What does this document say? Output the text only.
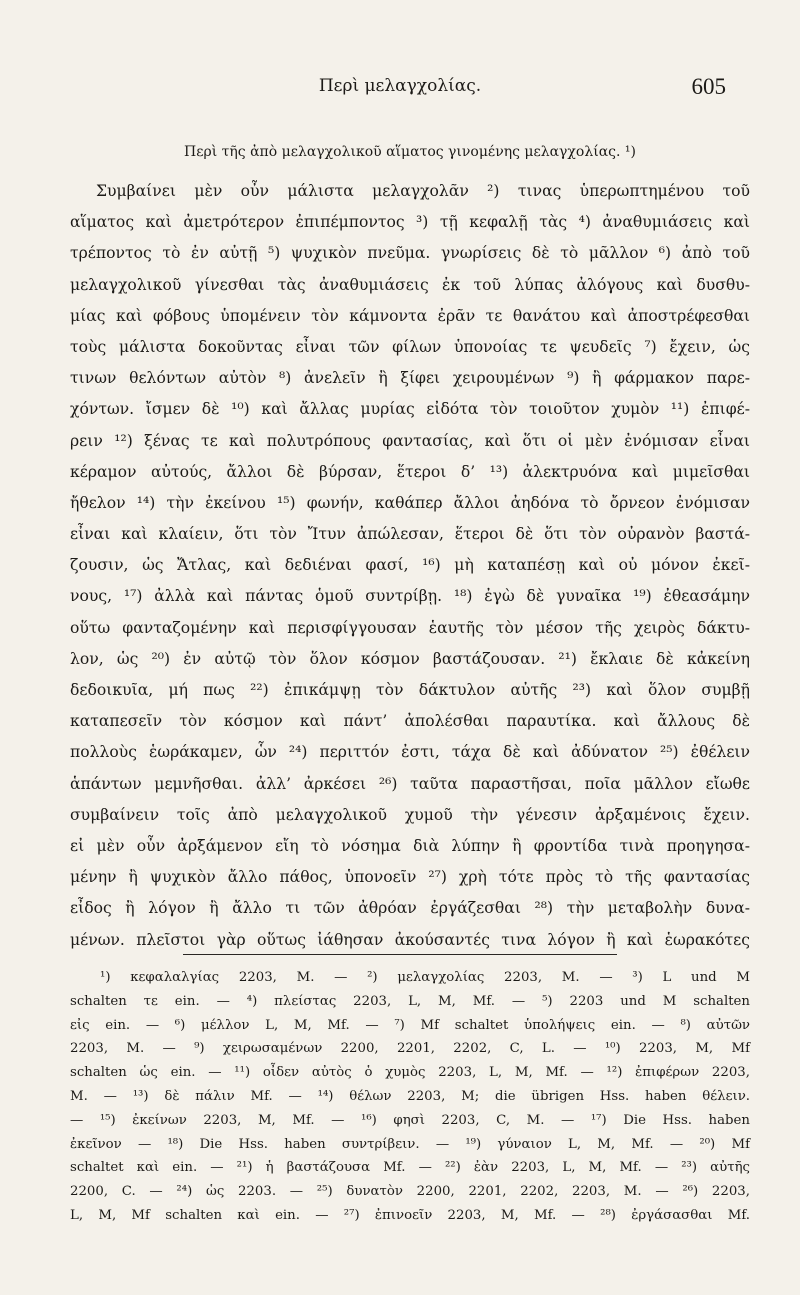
Περὶ μελαγχολίας.	605
Περὶ τῆς ἀπὸ μελαγχολικοῦ αἵματος γινομένης μελαγχολίας. ¹)
Συμβαίνει μὲν οὖν μάλιστα μελαγχολᾶν ²) τινας ὑπερωπτημένου τοῦ
αἵματος καὶ ἀμετρότερον ἐπιπέμποντος ³) τῇ κεφαλῇ τὰς ⁴) ἀναθυμιάσεις καὶ
τρέποντος τὸ ἐν αὐτῇ ⁵) ψυχικὸν πνεῦμα. γνωρίσεις δὲ τὸ μᾶλλον ⁶) ἀπὸ τοῦ
μελαγχολικοῦ γίνεσθαι τὰς ἀναθυμιάσεις ἐκ τοῦ λύπας ἀλόγους καὶ δυσθυ-
μίας καὶ φόβους ὑπομένειν τὸν κάμνοντα ἐρᾶν τε θανάτου καὶ ἀποστρέφεσθαι
τοὺς μάλιστα δοκοῦντας εἶναι τῶν φίλων ὑπονοίας τε ψευδεῖς ⁷) ἔχειν, ὡς
τινων θελόντων αὐτὸν ⁸) ἀνελεῖν ἢ ξίφει χειρουμένων ⁹) ἢ φάρμακον παρε-
χόντων. ἴσμεν δὲ ¹⁰) καὶ ἄλλας μυρίας εἰδότα τὸν τοιοῦτον χυμὸν ¹¹) ἐπιφέ-
ρειν ¹²) ξένας τε καὶ πολυτρόπους φαντασίας, καὶ ὅτι οἱ μὲν ἐνόμισαν εἶναι
κέραμον αὐτούς, ἄλλοι δὲ βύρσαν, ἕτεροι δ’ ¹³) ἀλεκτρυόνα καὶ μιμεῖσθαι
ἤθελον ¹⁴) τὴν ἐκείνου ¹⁵) φωνήν, καθάπερ ἄλλοι ἀηδόνα τὸ ὄρνεον ἐνόμισαν
εἶναι καὶ κλαίειν, ὅτι τὸν Ἴτυν ἀπώλεσαν, ἕτεροι δὲ ὅτι τὸν οὐρανὸν βαστά-
ζουσιν, ὡς Ἄτλας, καὶ δεδιέναι φασί, ¹⁶) μὴ καταπέσῃ καὶ οὐ μόνον ἐκεῖ-
νους, ¹⁷) ἀλλὰ καὶ πάντας ὁμοῦ συντρίβῃ. ¹⁸) ἐγὼ δὲ γυναῖκα ¹⁹) ἐθεασάμην
οὕτω φανταζομένην καὶ περισφίγγουσαν ἑαυτῆς τὸν μέσον τῆς χειρὸς δάκτυ-
λον, ὡς ²⁰) ἐν αὐτῷ τὸν ὅλον κόσμον βαστάζουσαν. ²¹) ἔκλαιε δὲ κἀκείνη
δεδοικυῖα, μή πως ²²) ἐπικάμψῃ τὸν δάκτυλον αὐτῆς ²³) καὶ ὅλον συμβῇ
καταπεσεῖν τὸν κόσμον καὶ πάντ’ ἀπολέσθαι παραυτίκα. καὶ ἄλλους δὲ
πολλοὺς ἑωράκαμεν, ὧν ²⁴) περιττόν ἐστι, τάχα δὲ καὶ ἀδύνατον ²⁵) ἐθέλειν
ἁπάντων μεμνῆσθαι. ἀλλ’ ἀρκέσει ²⁶) ταῦτα παραστῆσαι, ποῖα μᾶλλον εἴωθε
συμβαίνειν τοῖς ἀπὸ μελαγχολικοῦ χυμοῦ τὴν γένεσιν ἀρξαμένοις ἔχειν.
εἰ μὲν οὖν ἀρξάμενον εἴη τὸ νόσημα διὰ λύπην ἢ φροντίδα τινὰ προηγησα-
μένην ἢ ψυχικὸν ἄλλο πάθος, ὑπονοεῖν ²⁷) χρὴ τότε πρὸς τὸ τῆς φαντασίας
εἶδος ἢ λόγον ἢ ἄλλο τι τῶν ἀθρόαν ἐργάζεσθαι ²⁸) τὴν μεταβολὴν δυνα-
μένων. πλεῖστοι γὰρ οὕτως ἰάθησαν ἀκούσαντές τινα λόγον ἢ καὶ ἑωρακότες
¹) κεφαλαλγίας 2203, M. — ²) μελαγχολίας 2203, M. — ³) L und M
schalten τε ein. — ⁴) πλείστας 2203, L, M, Mf. — ⁵) 2203 und M schalten
εἰς ein. — ⁶) μέλλον L, M, Mf. — ⁷) Mf schaltet ὑπολήψεις ein. — ⁸) αὐτῶν
2203, M. — ⁹) χειρωσαμένων 2200, 2201, 2202, C, L. — ¹⁰) 2203, M, Mf
schalten ὡς ein. — ¹¹) οἶδεν αὐτὸς ὁ χυμὸς 2203, L, M, Mf. — ¹²) ἐπιφέρων 2203,
M. — ¹³) δὲ πάλιν Mf. — ¹⁴) θέλων 2203, M; die übrigen Hss. haben θέλειν.
— ¹⁵) ἐκείνων 2203, M, Mf. — ¹⁶) φησὶ 2203, C, M. — ¹⁷) Die Hss. haben
ἐκεῖνον — ¹⁸) Die Hss. haben συντρίβειν. — ¹⁹) γύναιον L, M, Mf. — ²⁰) Mf
schaltet καὶ ein. — ²¹) ἡ βαστάζουσα Mf. — ²²) ἐὰν 2203, L, M, Mf. — ²³) αὐτῆς
2200, C. — ²⁴) ὡς 2203. — ²⁵) δυνατὸν 2200, 2201, 2202, 2203, M. — ²⁶) 2203,
L, M, Mf schalten καὶ ein. — ²⁷) ἐπινοεῖν 2203, M, Mf. — ²⁸) ἐργάσασθαι Mf.
